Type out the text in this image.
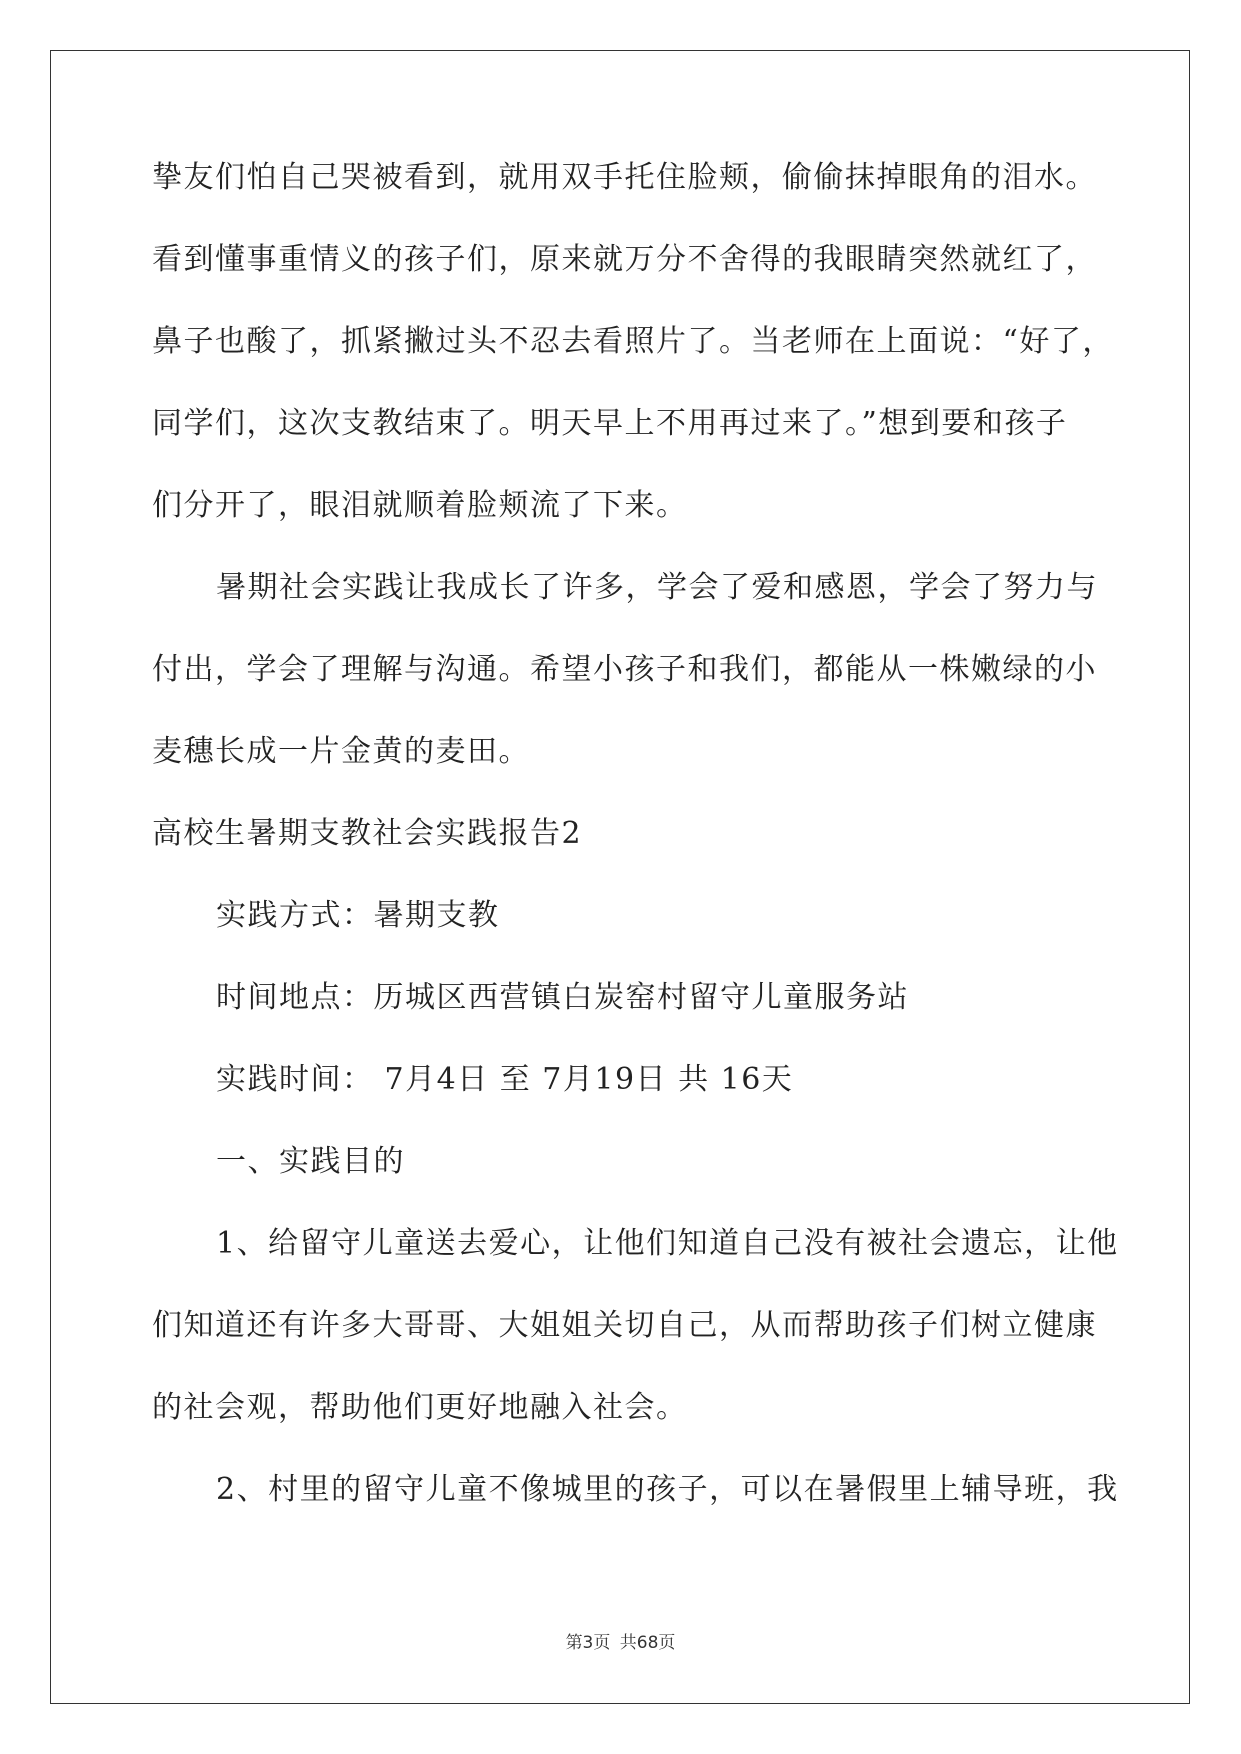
挚友们怕自己哭被看到，就用双手托住脸颊，偷偷抹掉眼角的泪水。
看到懂事重情义的孩子们，原来就万分不舍得的我眼睛突然就红了，
鼻子也酸了，抓紧撇过头不忍去看照片了。当老师在上面说：“好了，
同学们，这次支教结束了。明天早上不用再过来了。”想到要和孩子
们分开了，眼泪就顺着脸颊流了下来。
暑期社会实践让我成长了许多，学会了爱和感恩，学会了努力与
付出，学会了理解与沟通。希望小孩子和我们，都能从一株嫩绿的小
麦穗长成一片金黄的麦田。
高校生暑期支教社会实践报告2
实践方式：暑期支教
时间地点：历城区西营镇白炭窑村留守儿童服务站
实践时间： 7月4日 至 7月19日 共 16天
一、实践目的
1、给留守儿童送去爱心，让他们知道自己没有被社会遗忘，让他
们知道还有许多大哥哥、大姐姐关切自己，从而帮助孩子们树立健康
的社会观，帮助他们更好地融入社会。
2、村里的留守儿童不像城里的孩子，可以在暑假里上辅导班，我
第3页 共68页
